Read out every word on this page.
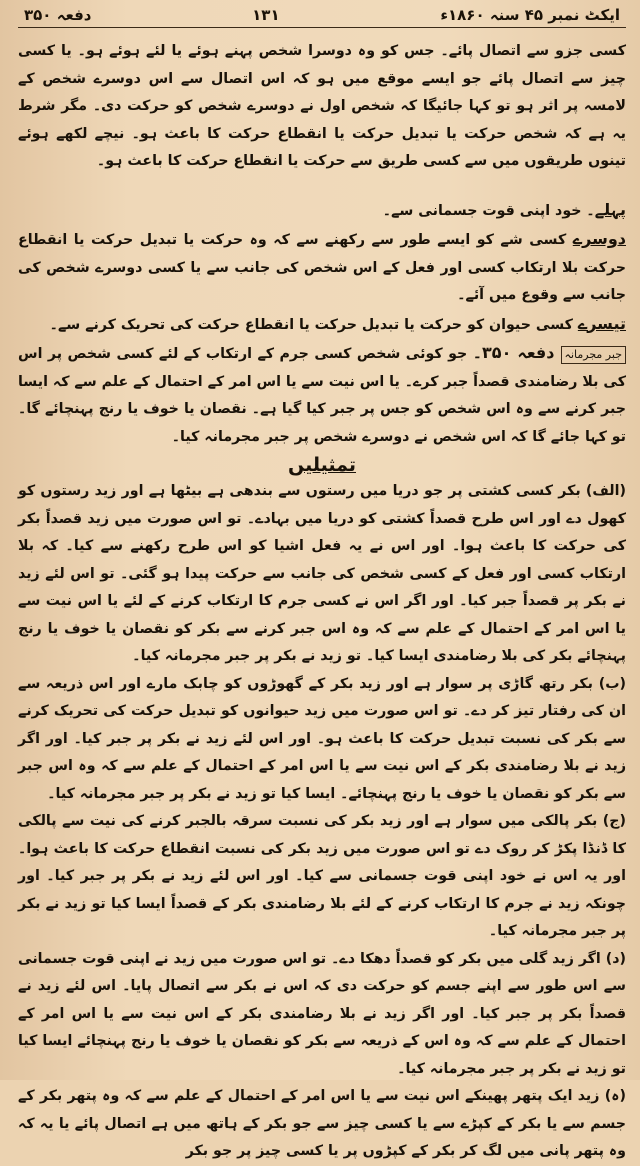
ایکٹ نمبر ۴۵ سنہ ۱۸۶۰ء
۱۳۱
دفعہ ۳۵۰

کسی جزو سے اتصال پائے۔ جس کو وہ دوسرا شخص پہنے ہوئے یا لئے ہوئے ہو۔ یا کسی چیز سے اتصال پائے جو ایسے موقع میں ہو کہ اس اتصال سے اس دوسرے شخص کے لامسہ پر اثر ہو تو کہا جائیگا کہ شخص اول نے دوسرے شخص کو حرکت دی۔ مگر شرط یہ ہے کہ شخص حرکت یا تبدیل حرکت یا انقطاع حرکت کا باعث ہو۔ نیچے لکھے ہوئے تینوں طریقوں میں سے کسی طریق سے حرکت یا انقطاع حرکت کا باعث ہو۔

پہلے۔ خود اپنی قوت جسمانی سے۔

دوسرے کسی شے کو ایسے طور سے رکھنے سے کہ وہ حرکت یا تبدیل حرکت یا انقطاع حرکت بلا ارتکاب کسی اور فعل کے اس شخص کی جانب سے یا کسی دوسرے شخص کی جانب سے وقوع میں آئے۔

تیسرے کسی حیوان کو حرکت یا تبدیل حرکت یا انقطاع حرکت کی تحریک کرنے سے۔

جبر مجرمانہدفعہ ۳۵۰۔ جو کوئی شخص کسی جرم کے ارتکاب کے لئے کسی شخص پر اس کی بلا رضامندی قصداً جبر کرے۔ یا اس نیت سے یا اس امر کے احتمال کے علم سے کہ ایسا جبر کرنے سے وہ اس شخص کو جس پر جبر کیا گیا ہے۔ نقصان یا خوف یا رنج پہنچائے گا۔ تو کہا جائے گا کہ اس شخص نے دوسرے شخص پر جبر مجرمانہ کیا۔

تمثیلیں

(الف) بکر کسی کشتی پر جو دریا میں رستوں سے بندھی ہے بیٹھا ہے اور زید رستوں کو کھول دے اور اس طرح قصداً کشتی کو دریا میں بہادے۔ تو اس صورت میں زید قصداً بکر کی حرکت کا باعث ہوا۔ اور اس نے یہ فعل اشیا کو اس طرح رکھنے سے کیا۔ کہ بلا ارتکاب کسی اور فعل کے کسی شخص کی جانب سے حرکت پیدا ہو گئی۔ تو اس لئے زید نے بکر پر قصداً جبر کیا۔ اور اگر اس نے کسی جرم کا ارتکاب کرنے کے لئے یا اس نیت سے یا اس امر کے احتمال کے علم سے کہ وہ اس جبر کرنے سے بکر کو نقصان یا خوف یا رنج پہنچائے بکر کی بلا رضامندی ایسا کیا۔ تو زید نے بکر پر جبر مجرمانہ کیا۔

(ب) بکر رتھ گاڑی پر سوار ہے اور زید بکر کے گھوڑوں کو چابک مارے اور اس ذریعہ سے ان کی رفتار تیز کر دے۔ تو اس صورت میں زید حیوانوں کو تبدیل حرکت کی تحریک کرنے سے بکر کی نسبت تبدیل حرکت کا باعث ہو۔ اور اس لئے زید نے بکر پر جبر کیا۔ اور اگر زید نے بلا رضامندی بکر کے اس نیت سے یا اس امر کے احتمال کے علم سے کہ وہ اس جبر سے بکر کو نقصان یا خوف یا رنج پہنچائے۔ ایسا کیا تو زید نے بکر پر جبر مجرمانہ کیا۔

(ج) بکر پالکی میں سوار ہے اور زید بکر کی نسبت سرقہ بالجبر کرنے کی نیت سے پالکی کا ڈنڈا پکڑ کر روک دے تو اس صورت میں زید بکر کی نسبت انقطاع حرکت کا باعث ہوا۔ اور یہ اس نے خود اپنی قوت جسمانی سے کیا۔ اور اس لئے زید نے بکر پر جبر کیا۔ اور چونکہ زید نے جرم کا ارتکاب کرنے کے لئے بلا رضامندی بکر کے قصداً ایسا کیا تو زید نے بکر پر جبر مجرمانہ کیا۔

(د) اگر زید گلی میں بکر کو قصداً دھکا دے۔ تو اس صورت میں زید نے اپنی قوت جسمانی سے اس طور سے اپنے جسم کو حرکت دی کہ اس نے بکر سے اتصال پایا۔ اس لئے زید نے قصداً بکر پر جبر کیا۔ اور اگر زید نے بلا رضامندی بکر کے اس نیت سے یا اس امر کے احتمال کے علم سے کہ وہ اس کے ذریعہ سے بکر کو نقصان یا خوف یا رنج پہنچائے ایسا کیا تو زید نے بکر پر جبر مجرمانہ کیا۔

(ہ) زید ایک پتھر پھینکے اس نیت سے یا اس امر کے احتمال کے علم سے کہ وہ پتھر بکر کے جسم سے یا بکر کے کپڑے سے یا کسی چیز سے جو بکر کے ہاتھ میں ہے اتصال پائے یا یہ کہ وہ پتھر پانی میں لگ کر بکر کے کپڑوں پر یا کسی چیز پر جو بکر
